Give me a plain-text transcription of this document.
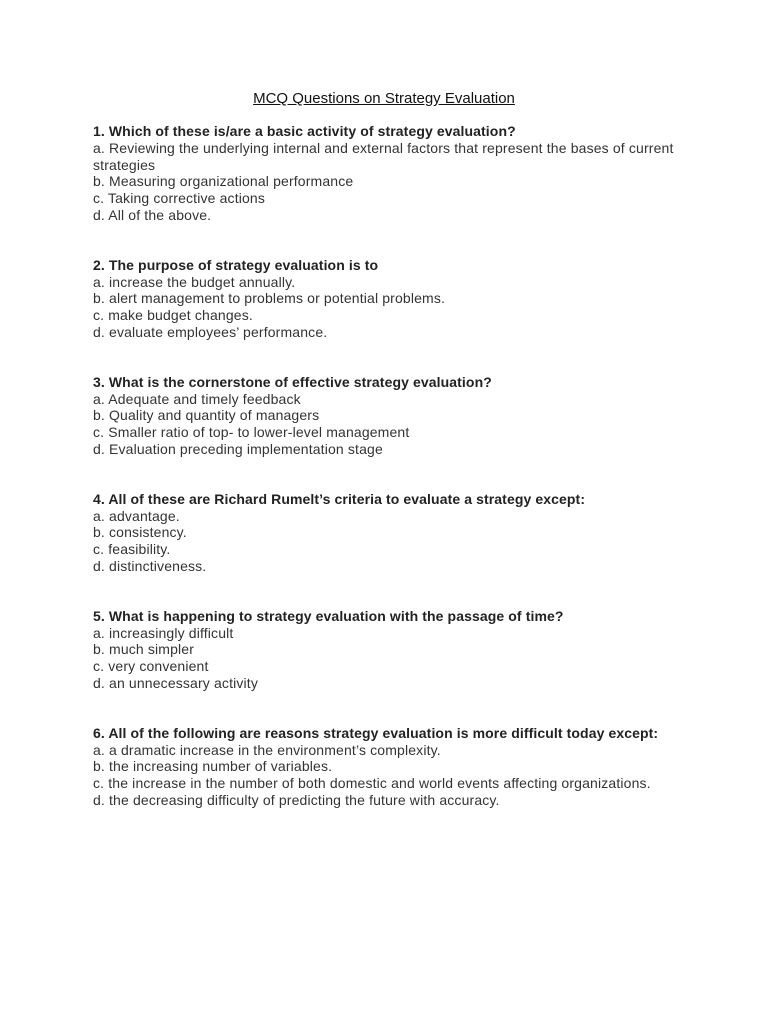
MCQ Questions on Strategy Evaluation
1. Which of these is/are a basic activity of strategy evaluation?
a. Reviewing the underlying internal and external factors that represent the bases of current strategies
b. Measuring organizational performance
c. Taking corrective actions
d. All of the above.
2. The purpose of strategy evaluation is to
a. increase the budget annually.
b. alert management to problems or potential problems.
c. make budget changes.
d. evaluate employees’ performance.
3. What is the cornerstone of effective strategy evaluation?
a. Adequate and timely feedback
b. Quality and quantity of managers
c. Smaller ratio of top- to lower-level management
d. Evaluation preceding implementation stage
4. All of these are Richard Rumelt’s criteria to evaluate a strategy except:
a. advantage.
b. consistency.
c. feasibility.
d. distinctiveness.
5. What is happening to strategy evaluation with the passage of time?
a. increasingly difficult
b. much simpler
c. very convenient
d. an unnecessary activity
6. All of the following are reasons strategy evaluation is more difficult today except:
a. a dramatic increase in the environment’s complexity.
b. the increasing number of variables.
c. the increase in the number of both domestic and world events affecting organizations.
d. the decreasing difficulty of predicting the future with accuracy.
